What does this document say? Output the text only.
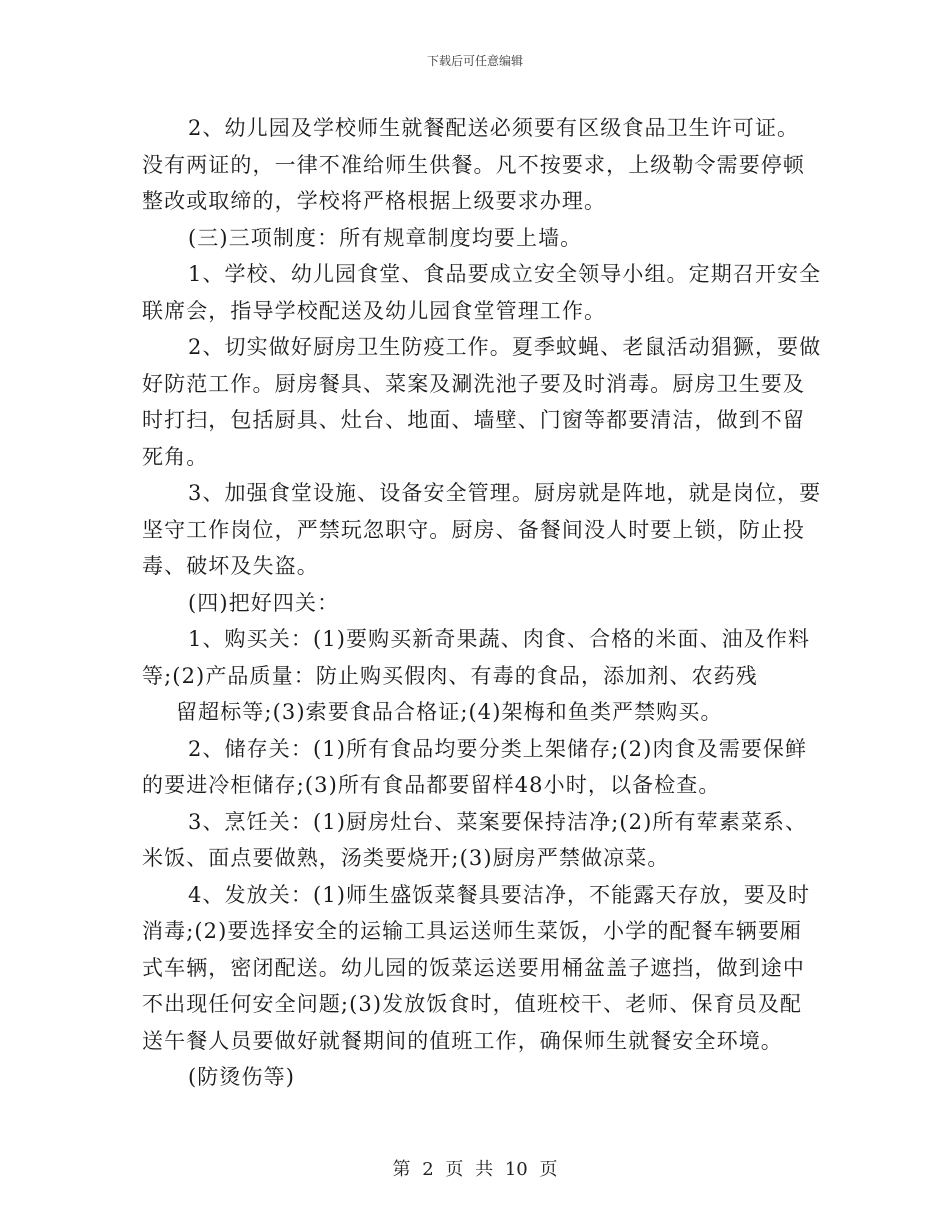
下载后可任意编辑
2、幼儿园及学校师生就餐配送必须要有区级食品卫生许可证。
没有两证的，一律不准给师生供餐。凡不按要求，上级勒令需要停顿
整改或取缔的，学校将严格根据上级要求办理。
(三)三项制度：所有规章制度均要上墙。
1、学校、幼儿园食堂、食品要成立安全领导小组。定期召开安全
联席会，指导学校配送及幼儿园食堂管理工作。
2、切实做好厨房卫生防疫工作。夏季蚊蝇、老鼠活动猖獗，要做
好防范工作。厨房餐具、菜案及涮洗池子要及时消毒。厨房卫生要及
时打扫，包括厨具、灶台、地面、墙壁、门窗等都要清洁，做到不留
死角。
3、加强食堂设施、设备安全管理。厨房就是阵地，就是岗位，要
坚守工作岗位，严禁玩忽职守。厨房、备餐间没人时要上锁，防止投
毒、破坏及失盗。
(四)把好四关：
1、购买关：(1)要购买新奇果蔬、肉食、合格的米面、油及作料
等;(2)产品质量：防止购买假肉、有毒的食品，添加剂、农药残
留超标等;(3)索要食品合格证;(4)架梅和鱼类严禁购买。
2、储存关：(1)所有食品均要分类上架储存;(2)肉食及需要保鲜
的要进冷柜储存;(3)所有食品都要留样48小时，以备检查。
3、烹饪关：(1)厨房灶台、菜案要保持洁净;(2)所有荤素菜系、
米饭、面点要做熟，汤类要烧开;(3)厨房严禁做凉菜。
4、发放关：(1)师生盛饭菜餐具要洁净，不能露天存放，要及时
消毒;(2)要选择安全的运输工具运送师生菜饭，小学的配餐车辆要厢
式车辆，密闭配送。幼儿园的饭菜运送要用桶盆盖子遮挡，做到途中
不出现任何安全问题;(3)发放饭食时，值班校干、老师、保育员及配
送午餐人员要做好就餐期间的值班工作，确保师生就餐安全环境。
(防烫伤等)
第 2 页 共 10 页
